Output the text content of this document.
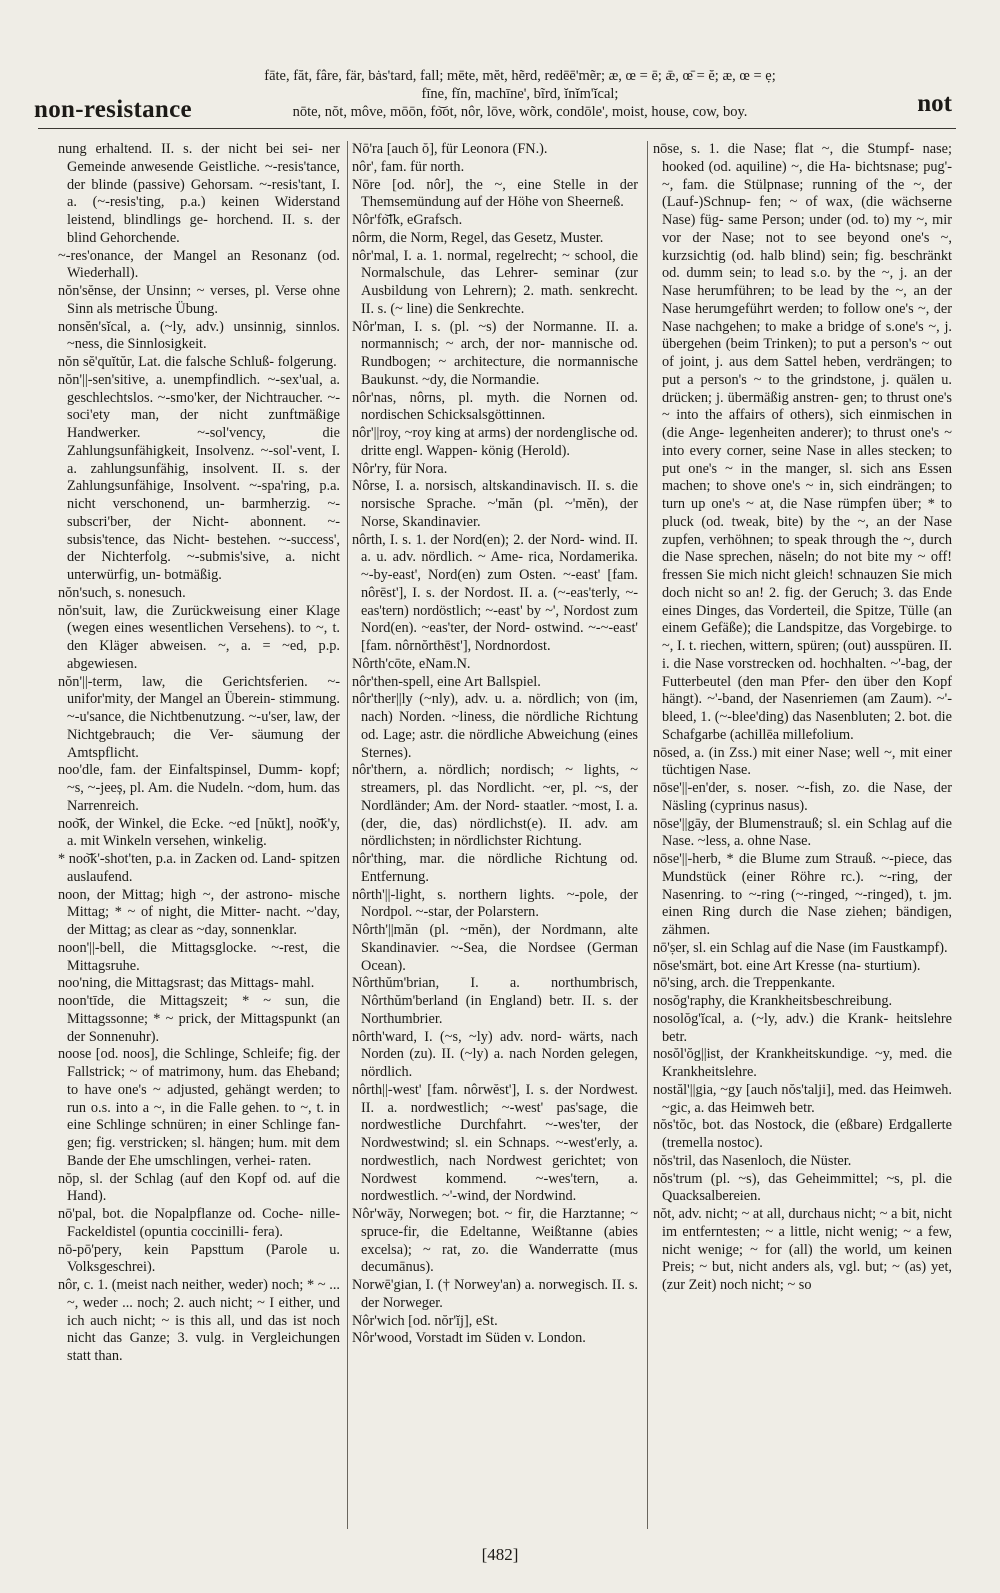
non-resistance
fāte, făt, fâre, fär, bȧs'tard, fall; mēte, mĕt, hẽrd, redēē'mẽr; æ, œ = ē; ǣ, œ̄ = ĕ; æ, œ = ẹ;
fīne, fĭn, machīne', bĩrd, ĭnĭm'ĭcal;
nōte, nŏt, môve, mōōn, fo͝ot, nôr, lōve, wõrk, condōle', moist, house, cow, boy.	not

nung erhaltend. II. s. der nicht bei sei- ner Gemeinde anwesende Geistliche. ~-resis'tance, der blinde (passive) Gehorsam. ~-resis'tant, I. a. (~-resis'ting, p.a.) keinen Widerstand leistend, blindlings ge- horchend. II. s. der blind Gehorchende.

~-res'onance, der Mangel an Resonanz (od. Wiederhall).

nŏn'sĕnse, der Unsinn; ~ verses, pl. Verse ohne Sinn als metrische Übung.

nonsĕn'sĭcal, a. (~ly, adv.) unsinnig, sinnlos. ~ness, die Sinnlosigkeit.

nŏn sĕ'quĭtŭr, Lat. die falsche Schluß- folgerung.

nŏn'||-sen'sitive, a. unempfindlich. ~-sex'ual, a. geschlechtslos. ~-smo'ker, der Nichtraucher. ~-soci'ety man, der nicht zunftmäßige Handwerker. ~-sol'vency, die Zahlungsunfähigkeit, Insolvenz. ~-sol'-vent, I. a. zahlungsunfähig, insolvent. II. s. der Zahlungsunfähige, Insolvent. ~-spa'ring, p.a. nicht verschonend, un- barmherzig. ~-subscri'ber, der Nicht- abonnent. ~-subsis'tence, das Nicht- bestehen. ~-success', der Nichterfolg. ~-submis'sive, a. nicht unterwürfig, un- botmäßig.

nŏn'such, s. nonesuch.

nŏn'suit, law, die Zurückweisung einer Klage (wegen eines wesentlichen Versehens). to ~, t. den Kläger abweisen. ~, a. = ~ed, p.p. abgewiesen.

nŏn'||-term, law, die Gerichtsferien. ~-unifor'mity, der Mangel an Überein- stimmung. ~-u'sance, die Nichtbenutzung. ~-u'ser, law, der Nichtgebrauch; die Ver- säumung der Amtspflicht.

noo'dle, fam. der Einfaltspinsel, Dumm- kopf; ~s, ~-jeeș, pl. Am. die Nudeln. ~dom, hum. das Narrenreich.

noo͝k, der Winkel, die Ecke. ~ed [nŭkt], noo͝k'y, a. mit Winkeln versehen, winkelig.

* noo͝k'-shot'ten, p.a. in Zacken od. Land- spitzen auslaufend.

noon, der Mittag; high ~, der astrono- mische Mittag; * ~ of night, die Mitter- nacht. ~'day, der Mittag; as clear as ~day, sonnenklar.

noon'||-bell, die Mittagsglocke. ~-rest, die Mittagsruhe.

noo'ning, die Mittagsrast; das Mittags- mahl.

noon'tīde, die Mittagszeit; * ~ sun, die Mittagssonne; * ~ prick, der Mittagspunkt (an der Sonnenuhr).

noose [od. noos], die Schlinge, Schleife; fig. der Fallstrick; ~ of matrimony, hum. das Eheband; to have one's ~ adjusted, gehängt werden; to run o.s. into a ~, in die Falle gehen. to ~, t. in eine Schlinge schnüren; in einer Schlinge fan- gen; fig. verstricken; sl. hängen; hum. mit dem Bande der Ehe umschlingen, verhei- raten.

nŏp, sl. der Schlag (auf den Kopf od. auf die Hand).

nō'pal, bot. die Nopalpflanze od. Coche- nille-Fackeldistel (opuntia coccinilli- fera).

nō-pō'pery, kein Papsttum (Parole u. Volksgeschrei).

nôr, c. 1. (meist nach neither, weder) noch; * ~ ... ~, weder ... noch; 2. auch nicht; ~ I either, und ich auch nicht; ~ is this all, und das ist noch nicht das Ganze; 3. vulg. in Vergleichungen statt than.

Nō'ra [auch ŏ], für Leonora (FN.).

nôr', fam. für north.

Nōre [od. nôr], the ~, eine Stelle in der Themsemündung auf der Höhe von Sheerneß.

Nôr'fo͝lk, eGrafsch.

nôrm, die Norm, Regel, das Gesetz, Muster.

nôr'mal, I. a. 1. normal, regelrecht; ~ school, die Normalschule, das Lehrer- seminar (zur Ausbildung von Lehrern); 2. math. senkrecht. II. s. (~ line) die Senkrechte.

Nôr'man, I. s. (pl. ~s) der Normanne. II. a. normannisch; ~ arch, der nor- mannische od. Rundbogen; ~ architecture, die normannische Baukunst. ~dy, die Normandie.

nôr'nas, nôrns, pl. myth. die Nornen od. nordischen Schicksalsgöttinnen.

nôr'||roy, ~roy king at arms) der nordenglische od. dritte engl. Wappen- könig (Herold).

Nôr'ry, für Nora.

Nôrse, I. a. norsisch, altskandinavisch. II. s. die norsische Sprache. ~'măn (pl. ~'mĕn), der Norse, Skandinavier.

nôrth, I. s. 1. der Nord(en); 2. der Nord- wind. II. a. u. adv. nördlich. ~ Ame- rica, Nordamerika. ~-by-east', Nord(en) zum Osten. ~-east' [fam. nôrēst'], I. s. der Nordost. II. a. (~-eas'terly, ~-eas'tern) nordöstlich; ~-east' by ~', Nordost zum Nord(en). ~eas'ter, der Nord- ostwind. ~-~-east' [fam. nôrnŏrthēst'], Nordnordost.

Nôrth'cōte, eNam.N.

nôr'then-spell, eine Art Ballspiel.

nôr'ther||ly (~nly), adv. u. a. nördlich; von (im, nach) Norden. ~liness, die nördliche Richtung od. Lage; astr. die nördliche Abweichung (eines Sternes).

nôr'thern, a. nördlich; nordisch; ~ lights, ~ streamers, pl. das Nordlicht. ~er, pl. ~s, der Nordländer; Am. der Nord- staatler. ~most, I. a. (der, die, das) nördlichst(e). II. adv. am nördlichsten; in nördlichster Richtung.

nôr'thing, mar. die nördliche Richtung od. Entfernung.

nôrth'||-light, s. northern lights. ~-pole, der Nordpol. ~-star, der Polarstern.

Nôrth'||măn (pl. ~mĕn), der Nordmann, alte Skandinavier. ~-Sea, die Nordsee (German Ocean).

Nôrthŭm'brian, I. a. northumbrisch, Nôrthŭm'berland (in England) betr. II. s. der Northumbrier.

nôrth'ward, I. (~s, ~ly) adv. nord- wärts, nach Norden (zu). II. (~ly) a. nach Norden gelegen, nördlich.

nôrth||-west' [fam. nôrwĕst'], I. s. der Nordwest. II. a. nordwestlich; ~-west' pas'sage, die nordwestliche Durchfahrt. ~-wes'ter, der Nordwestwind; sl. ein Schnaps. ~-west'erly, a. nordwestlich, nach Nordwest gerichtet; von Nordwest kommend. ~-wes'tern, a. nordwestlich. ~'-wind, der Nordwind.

Nôr'wāy, Norwegen; bot. ~ fir, die Harztanne; ~ spruce-fir, die Edeltanne, Weißtanne (abies excelsa); ~ rat, zo. die Wanderratte (mus decumānus).

Norwē'gian, I. († Norwey'an) a. norwegisch. II. s. der Norweger.

Nôr'wich [od. nŏr'ĭj], eSt.

Nôr'wood, Vorstadt im Süden v. London.

nōse, s. 1. die Nase; flat ~, die Stumpf- nase; hooked (od. aquiline) ~, die Ha- bichtsnase; pug'-~, fam. die Stülpnase; running of the ~, der (Lauf-)Schnup- fen; ~ of wax, (die wächserne Nase) füg- same Person; under (od. to) my ~, mir vor der Nase; not to see beyond one's ~, kurzsichtig (od. halb blind) sein; fig. beschränkt od. dumm sein; to lead s.o. by the ~, j. an der Nase herumführen; to be lead by the ~, an der Nase herumgeführt werden; to follow one's ~, der Nase nachgehen; to make a bridge of s.one's ~, j. übergehen (beim Trinken); to put a person's ~ out of joint, j. aus dem Sattel heben, verdrängen; to put a person's ~ to the grindstone, j. quälen u. drücken; j. übermäßig anstren- gen; to thrust one's ~ into the affairs of others), sich einmischen in (die Ange- legenheiten anderer); to thrust one's ~ into every corner, seine Nase in alles stecken; to put one's ~ in the manger, sl. sich ans Essen machen; to shove one's ~ in, sich eindrängen; to turn up one's ~ at, die Nase rümpfen über; * to pluck (od. tweak, bite) by the ~, an der Nase zupfen, verhöhnen; to speak through the ~, durch die Nase sprechen, näseln; do not bite my ~ off! fressen Sie mich nicht gleich! schnauzen Sie mich doch nicht so an! 2. fig. der Geruch; 3. das Ende eines Dinges, das Vorderteil, die Spitze, Tülle (an einem Gefäße); die Landspitze, das Vorgebirge. to ~, I. t. riechen, wittern, spüren; (out) ausspüren. II. i. die Nase vorstrecken od. hochhalten. ~'-bag, der Futterbeutel (den man Pfer- den über den Kopf hängt). ~'-band, der Nasenriemen (am Zaum). ~'-bleed, 1. (~-blee'ding) das Nasenbluten; 2. bot. die Schafgarbe (achillēa millefolium.

nōsed, a. (in Zss.) mit einer Nase; well ~, mit einer tüchtigen Nase.

nōse'||-en'der, s. noser. ~-fish, zo. die Nase, der Näsling (cyprinus nasus).

nōse'||gāy, der Blumenstrauß; sl. ein Schlag auf die Nase. ~less, a. ohne Nase.

nōse'||-herb, * die Blume zum Strauß. ~-piece, das Mundstück (einer Röhre rc.). ~-ring, der Nasenring. to ~-ring (~-ringed, ~-ringed), t. jm. einen Ring durch die Nase ziehen; bändigen, zähmen.

nō'ṣer, sl. ein Schlag auf die Nase (im Faustkampf).

nōse'smärt, bot. eine Art Kresse (na- sturtium).

nō'sing, arch. die Treppenkante.

nosŏg'raphy, die Krankheitsbeschreibung.

nosolŏg'ĭcal, a. (~ly, adv.) die Krank- heitslehre betr.

nosŏl'ŏg||ist, der Krankheitskundige. ~y, med. die Krankheitslehre.

nostăl'||gia, ~gy [auch nŏs'talji], med. das Heimweh. ~gic, a. das Heimweh betr.

nŏs'tŏc, bot. das Nostock, die (eßbare) Erdgallerte (tremella nostoc).

nŏs'tril, das Nasenloch, die Nüster.

nŏs'trum (pl. ~s), das Geheimmittel; ~s, pl. die Quacksalbereien.

nŏt, adv. nicht; ~ at all, durchaus nicht; ~ a bit, nicht im entferntesten; ~ a little, nicht wenig; ~ a few, nicht wenige; ~ for (all) the world, um keinen Preis; ~ but, nicht anders als, vgl. but; ~ (as) yet, (zur Zeit) noch nicht; ~ so

[482]
